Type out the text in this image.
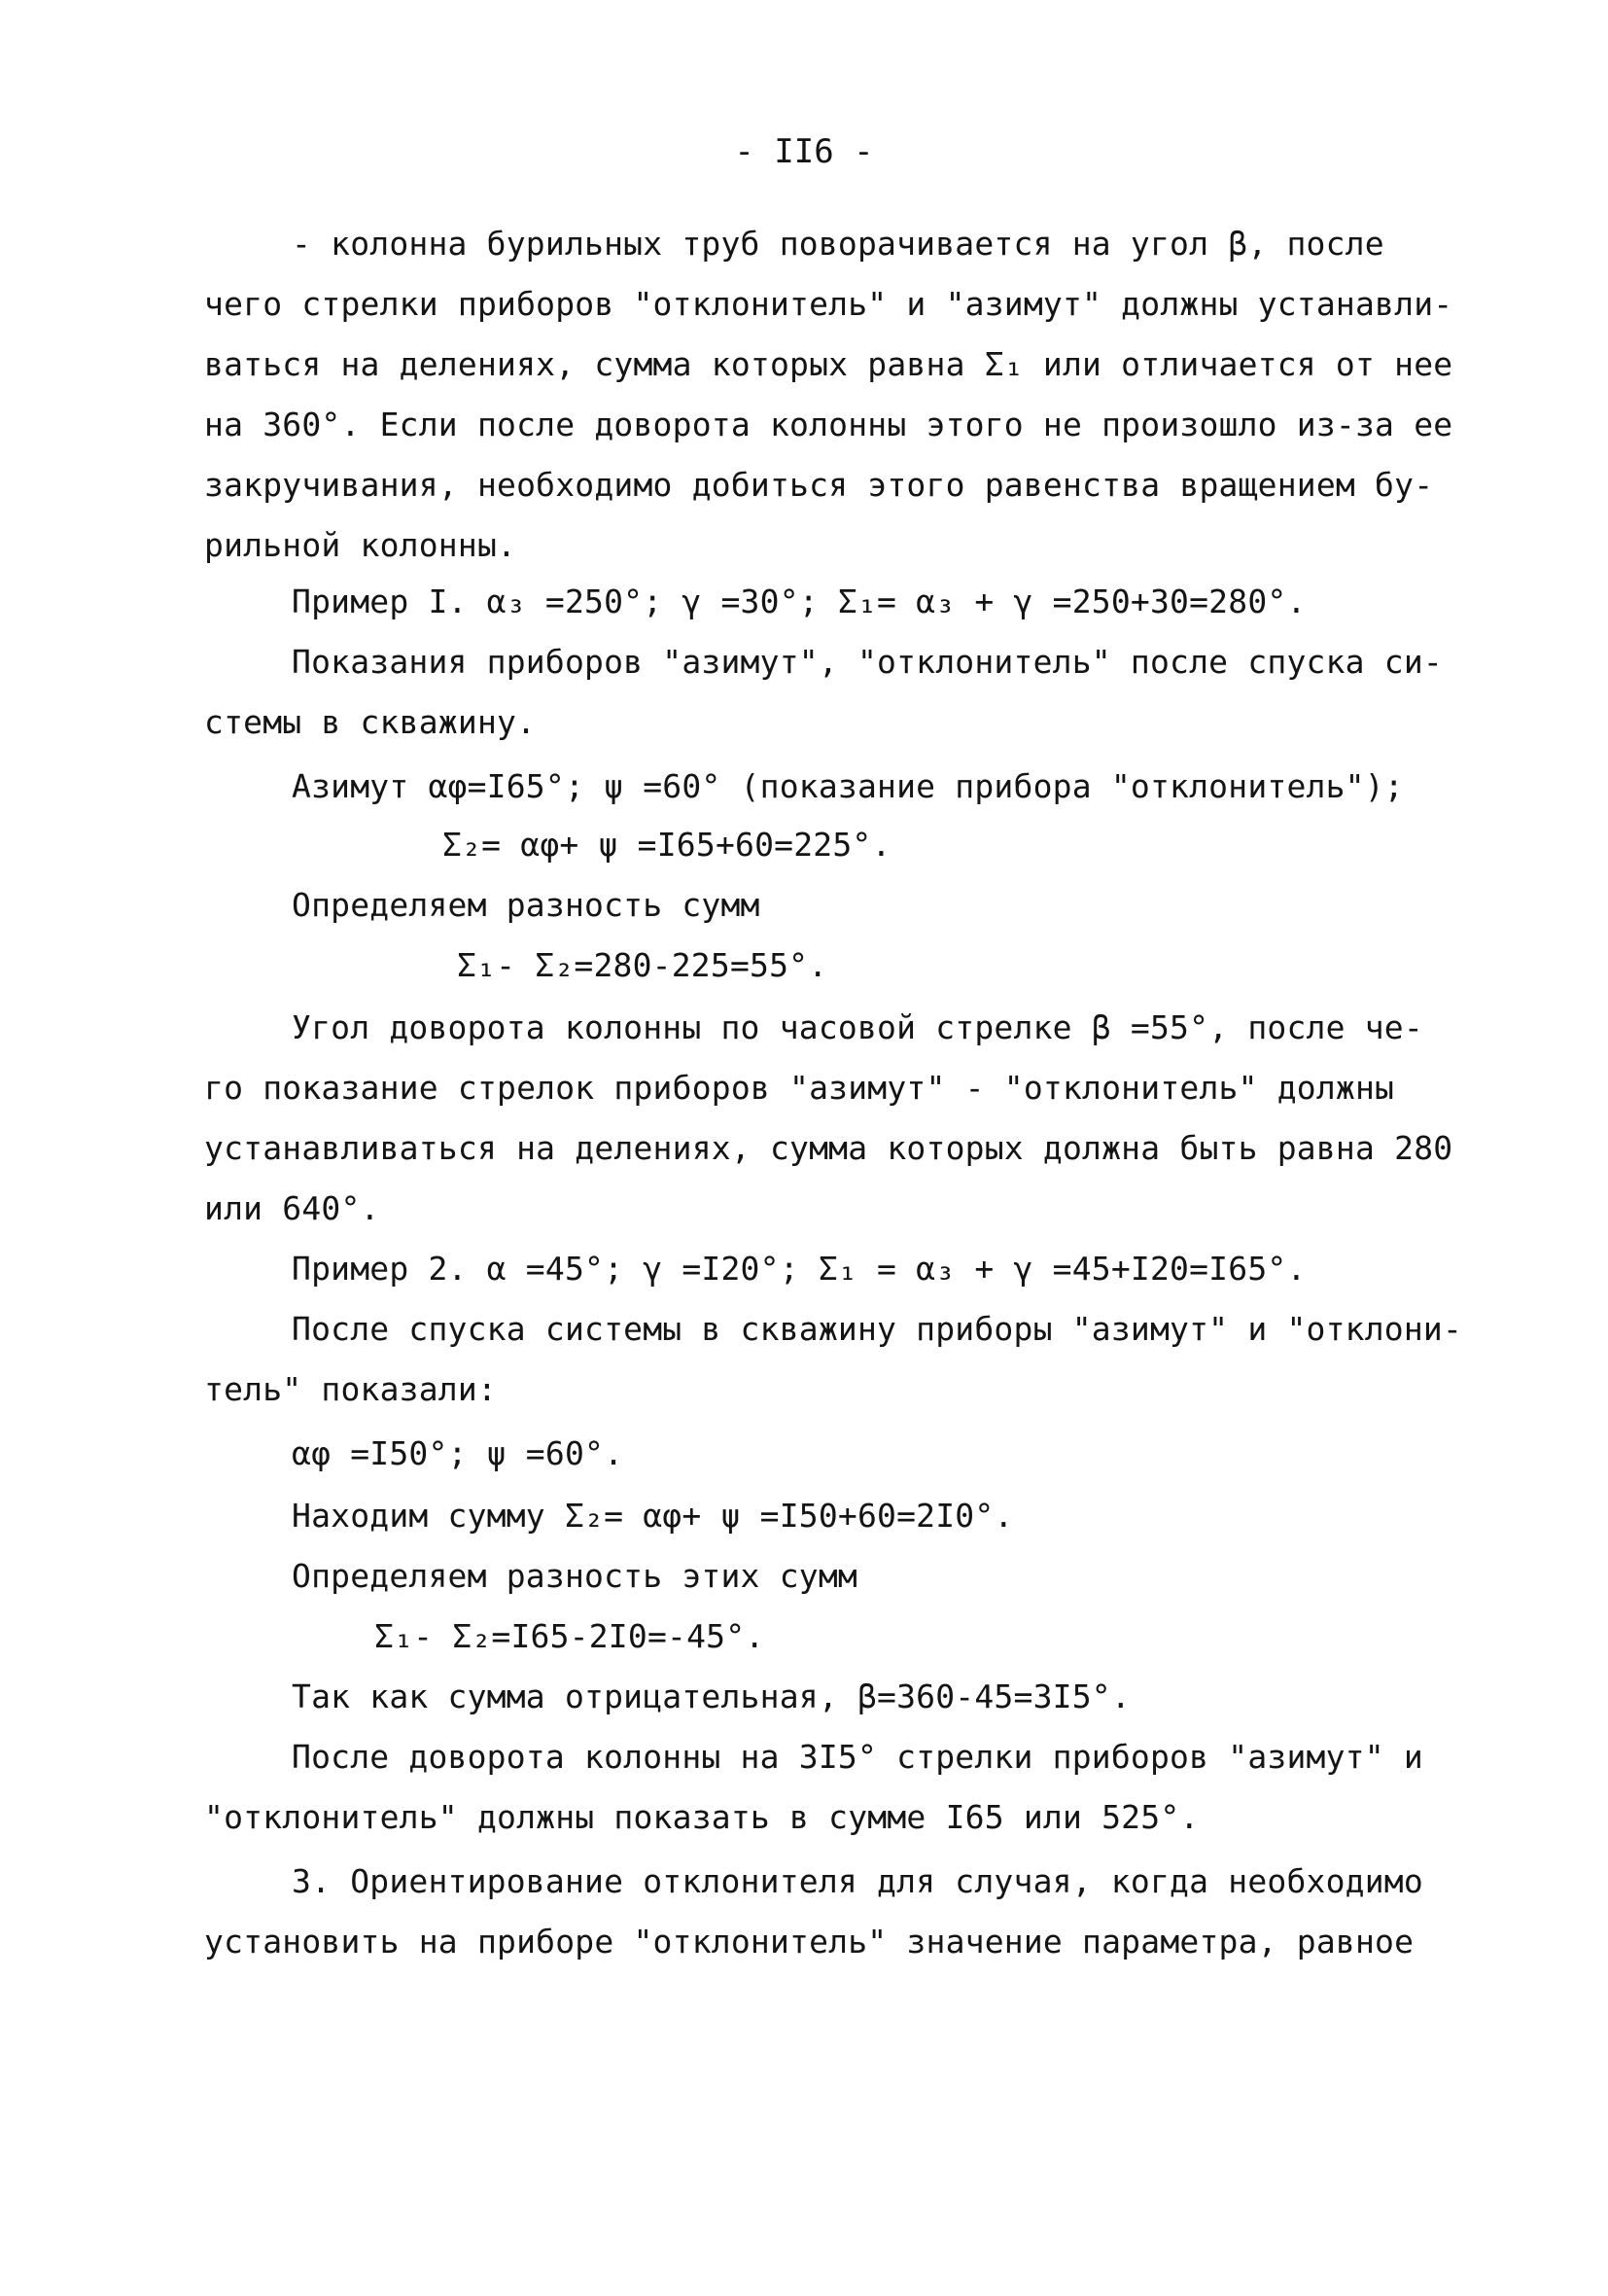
- II6 -
- колонна бурильных труб поворачивается на угол β, после
чего стрелки приборов "отклонитель" и "азимут" должны устанавли-
ваться на делениях, сумма которых равна Σ₁ или отличается от нее
на 360°. Если после доворота колонны этого не произошло из-за ее
закручивания, необходимо добиться этого равенства вращением бу-
рильной колонны.
Пример I. α₃ =250°; γ =30°; Σ₁= α₃ + γ =250+30=280°.
Показания приборов "азимут", "отклонитель" после спуска си-
стемы в скважину.
Азимут αφ=I65°; ψ =60° (показание прибора "отклонитель");
Σ₂= αφ+ ψ =I65+60=225°.
Определяем разность сумм
Σ₁- Σ₂=280-225=55°.
Угол доворота колонны по часовой стрелке β =55°, после че-
го показание стрелок приборов "азимут" - "отклонитель" должны
устанавливаться на делениях, сумма которых должна быть равна 280
или 640°.
Пример 2. α =45°; γ =I20°; Σ₁ = α₃ + γ =45+I20=I65°.
После спуска системы в скважину приборы "азимут" и "отклони-
тель" показали:
αφ =I50°; ψ =60°.
Находим сумму Σ₂= αφ+ ψ =I50+60=2I0°.
Определяем разность этих сумм
Σ₁- Σ₂=I65-2I0=-45°.
Так как сумма отрицательная, β=360-45=3I5°.
После доворота колонны на 3I5° стрелки приборов "азимут" и
"отклонитель" должны показать в сумме I65 или 525°.
3. Ориентирование отклонителя для случая, когда необходимо
установить на приборе "отклонитель" значение параметра, равное
